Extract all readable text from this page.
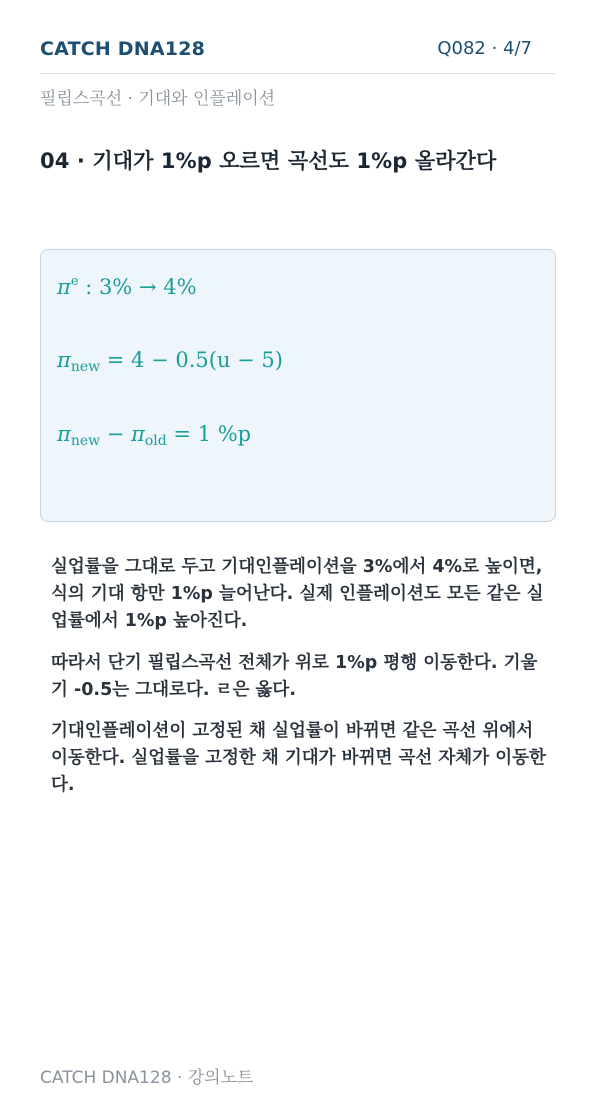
CATCH DNA128	Q082 · 4/7
필립스곡선 · 기대와 인플레이션
04 · 기대가 1%p 오르면 곡선도 1%p 올라간다
$\pi^e$ : 3% → 4%
$\pi_{new} = 4 - 0.5(u - 5)$
$\pi_{new} - \pi_{old} = 1$ %p

실업률을 그대로 두고 기대인플레이션을 3%에서 4%로 높이면, 식의 기대 항만 1%p 늘어난다. 실제 인플레이션도 모든 같은 실업률에서 1%p 높아진다.

따라서 단기 필립스곡선 전체가 위로 1%p 평행 이동한다. 기울기 -0.5는 그대로다. ㄹ은 옳다.

기대인플레이션이 고정된 채 실업률이 바뀌면 같은 곡선 위에서 이동한다. 실업률을 고정한 채 기대가 바뀌면 곡선 자체가 이동한다.

CATCH DNA128 · 강의노트
